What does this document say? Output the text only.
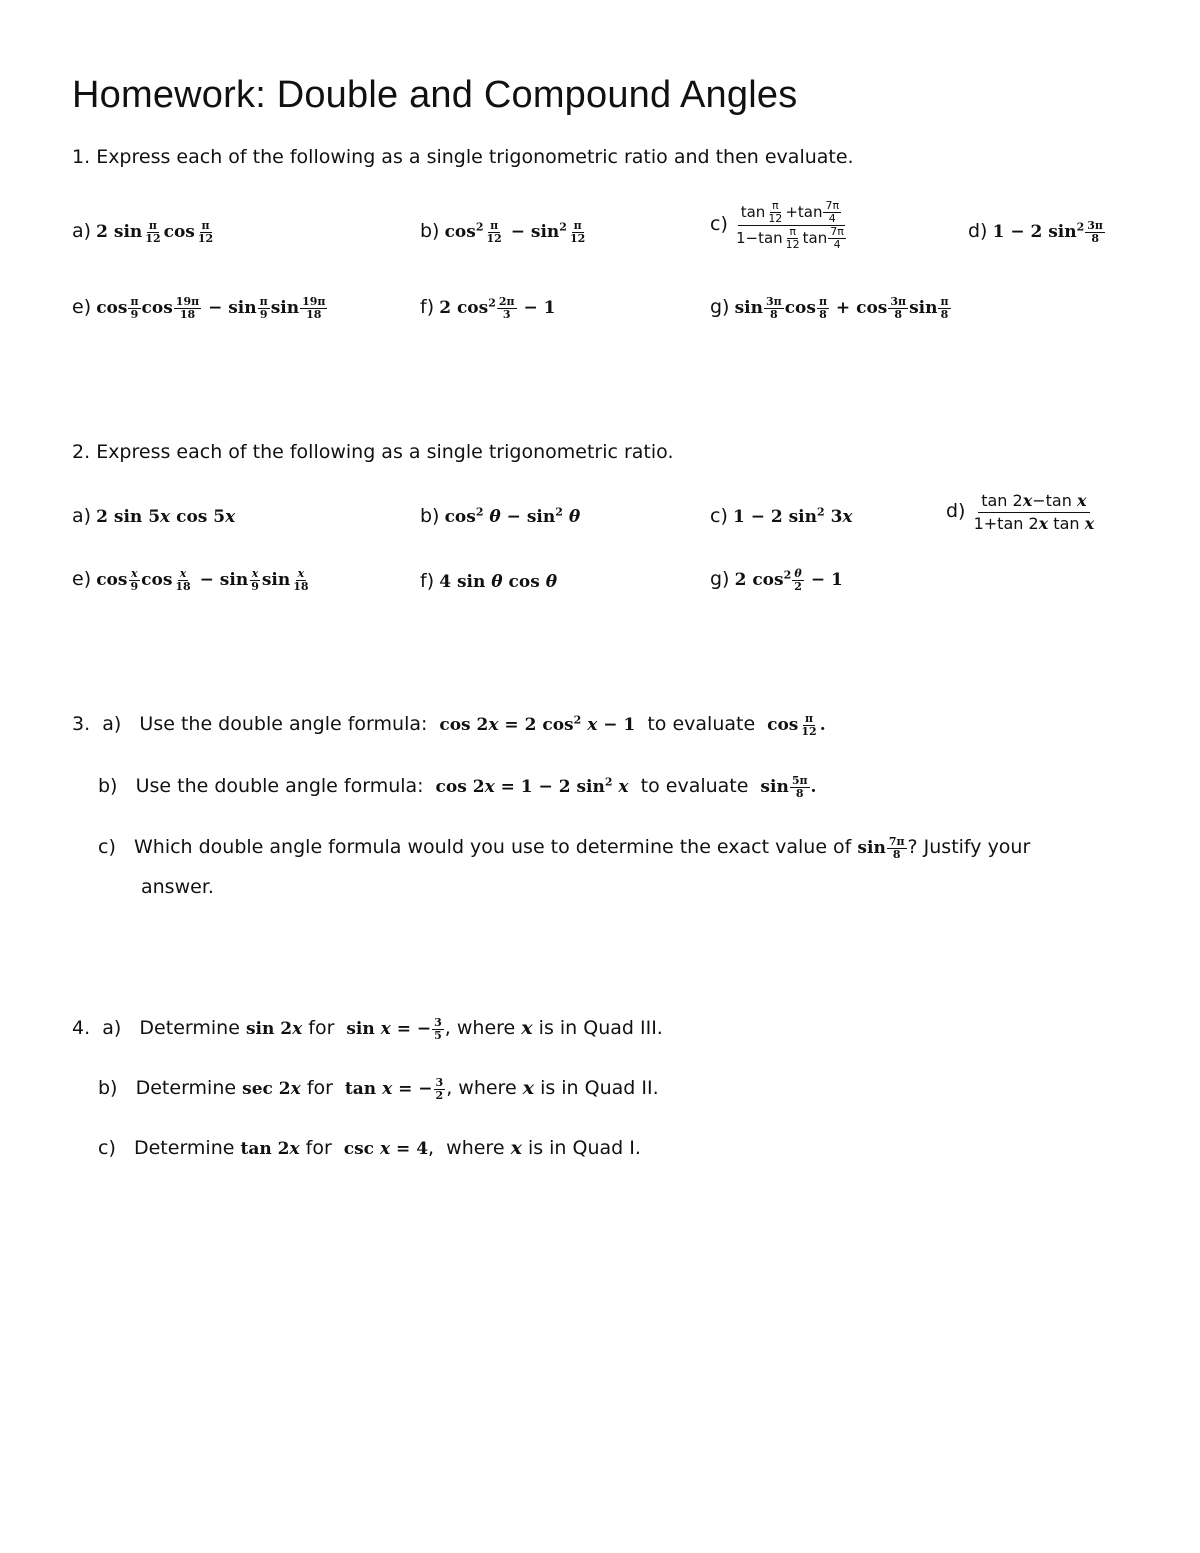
Homework: Double and Compound Angles
1. Express each of the following as a single trigonometric ratio and then evaluate.
a) 2 $\sin \frac{\pi}{12}$ $\cos \frac{\pi}{12}$	b) $\cos^2 \frac{\pi}{12} - \sin^2 \frac{\pi}{12}$	$c) \frac{\tan \frac{\pi}{12} +\tan \frac{7\pi}{4}}{1-\tan \frac{\pi}{12} \tan \frac{7\pi}{4}}$	d) 1 − 2 $\sin^2 \frac{3\pi}{8}$
e) $\cos \frac{\pi}{9}$ $\cos \frac{19\pi}{18} - \sin \frac{\pi}{9}$ $\sin \frac{19\pi}{18}$	f) 2 $\cos^2 \frac{2\pi}{3} - 1$	g) $\sin \frac{3\pi}{8}$ $\cos \frac{\pi}{8} + \cos \frac{3\pi}{8}$ $\sin \frac{\pi}{8}$
2. Express each of the following as a single trigonometric ratio.
a) 2 sin 5x cos 5x	b) $\cos^2 \theta - \sin^2 \theta$	c) 1 − 2 $\sin^2 3x$	$d) \frac{\text{tan 2x−tan x}}{\text{1+tan 2x tan x}}$
e) $\cos \frac{x}{9}$ $\cos \frac{x}{18} - \sin \frac{x}{9}$ $\sin \frac{x}{18}$	f) 4 sin θ cos θ	g) 2 $\cos^2 \frac{\theta}{2} - 1$
3. a) Use the double angle formula:  cos 2x = 2 $\cos^2 x - 1$ to evaluate  $\cos \frac{\pi}{12}$ .
b) Use the double angle formula:  cos 2x = 1 − 2 $\sin^2 x$ to evaluate  $\sin \frac{5\pi}{8}$ .
c) Which double angle formula would you use to determine the exact value of $\sin \frac{7\pi}{8}$ ? Justify your
answer.
4. a) Determine sin 2x for  sin x = − $\frac{3}{5}$ , where x is in Quad III.
b) Determine sec 2x for  tan x = − $\frac{3}{2}$ , where x is in Quad II.
c) Determine tan 2x for  csc x = 4,  where x is in Quad I.
